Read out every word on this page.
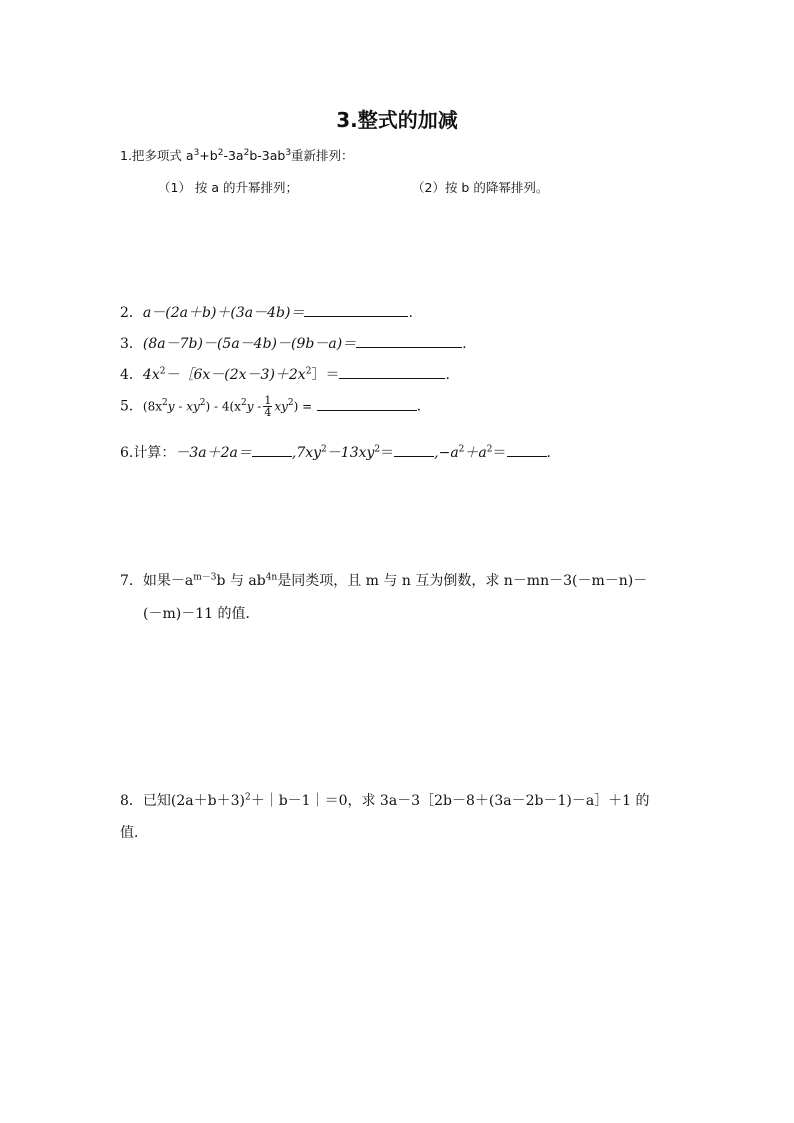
3.整式的加减
1.把多项式 $a^3+b^2-3a^2b-3ab^3$重新排列：
（1） 按 a 的升幂排列；	（2）按 b 的降幂排列。
2．a－(2a＋b)＋(3a－4b)＝	.
3．(8a－7b)－(5a－4b)－(9b－a)＝	.
4．$4x^2-[6x-(2x-3)+2x^2]=$	.
5．$(8x^2y - xy^2) - 4(x^2y - \frac{1}{4} xy^2)$ =	.
6.计算：－3a＋2a＝	$,7xy^2-13xy^2=$	$,-a^2+a^2=$	.
7．如果$-a^{m-3}b$ 与 $ab^{4n}$是同类项，且 m 与 n 互为倒数，求 n－mn－3(－m－n)－
(－m)－11 的值．
8．已知$(2a+b+3)^2+|b-1|=0$，求 3a－3［2b－8＋(3a－2b－1)－a］＋1 的
值．
